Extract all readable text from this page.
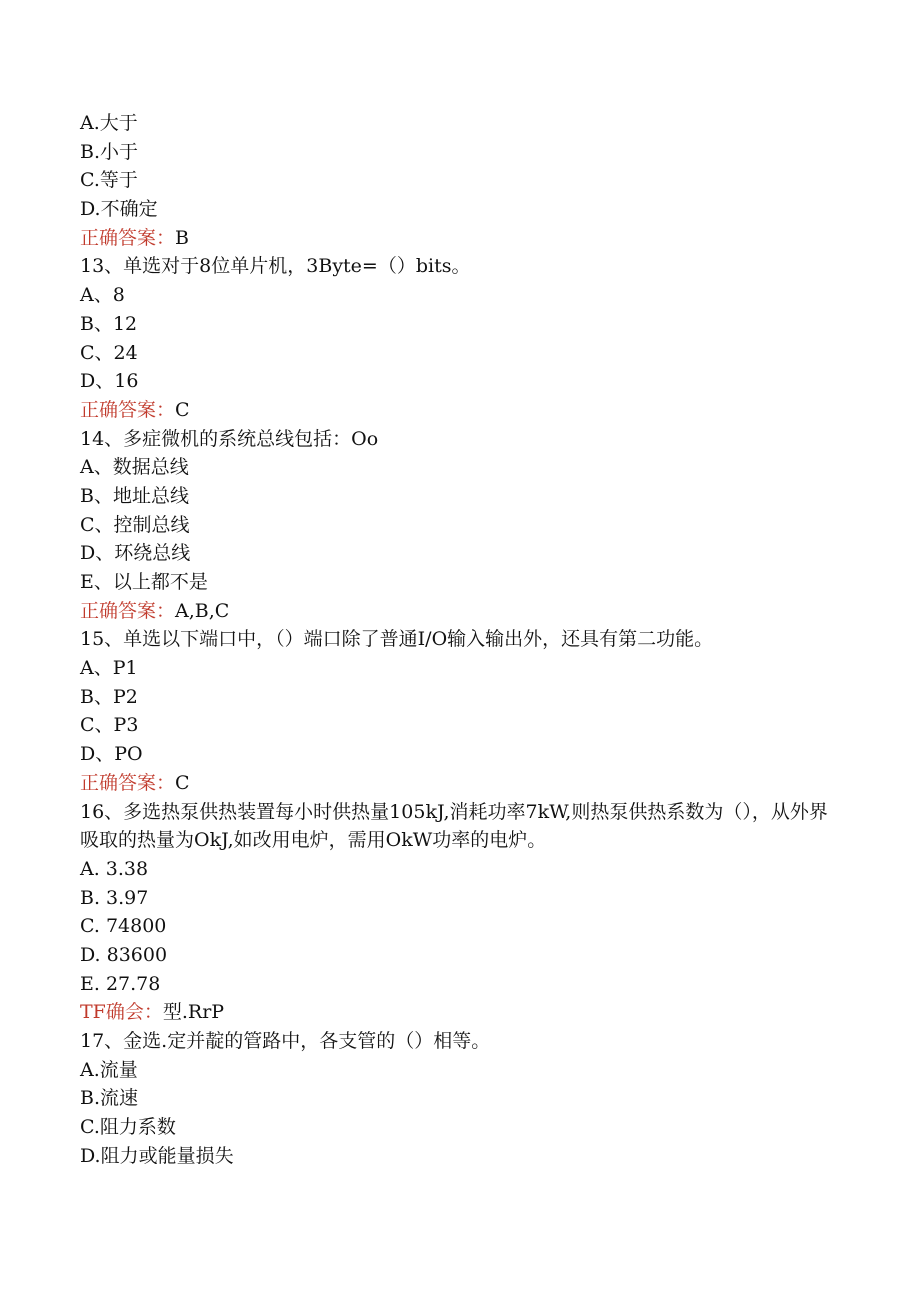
A.大于

B.小于

C.等于

D.不确定

正确答案：B

13、单选对于8位单片机，3Byte=（）bits。

A、8

B、12

C、24

D、16

正确答案：C

14、多症微机的系统总线包括：Oo

A、数据总线

B、地址总线

C、控制总线

D、环绕总线

E、以上都不是

正确答案：A,B,C

15、单选以下端口中，（）端口除了普通I/O输入输出外，还具有第二功能。

A、P1

B、P2

C、P3

D、PO

正确答案：C

16、多选热泵供热装置每小时供热量105kJ,消耗功率7kW,则热泵供热系数为（），从外界吸取的热量为OkJ,如改用电炉，需用OkW功率的电炉。

A. 3.38

B. 3.97

C. 74800

D. 83600

E. 27.78

TF确会：型.RrP

17、金选.定并靛的管路中，各支管的（）相等。

A.流量

B.流速

C.阻力系数

D.阻力或能量损失
